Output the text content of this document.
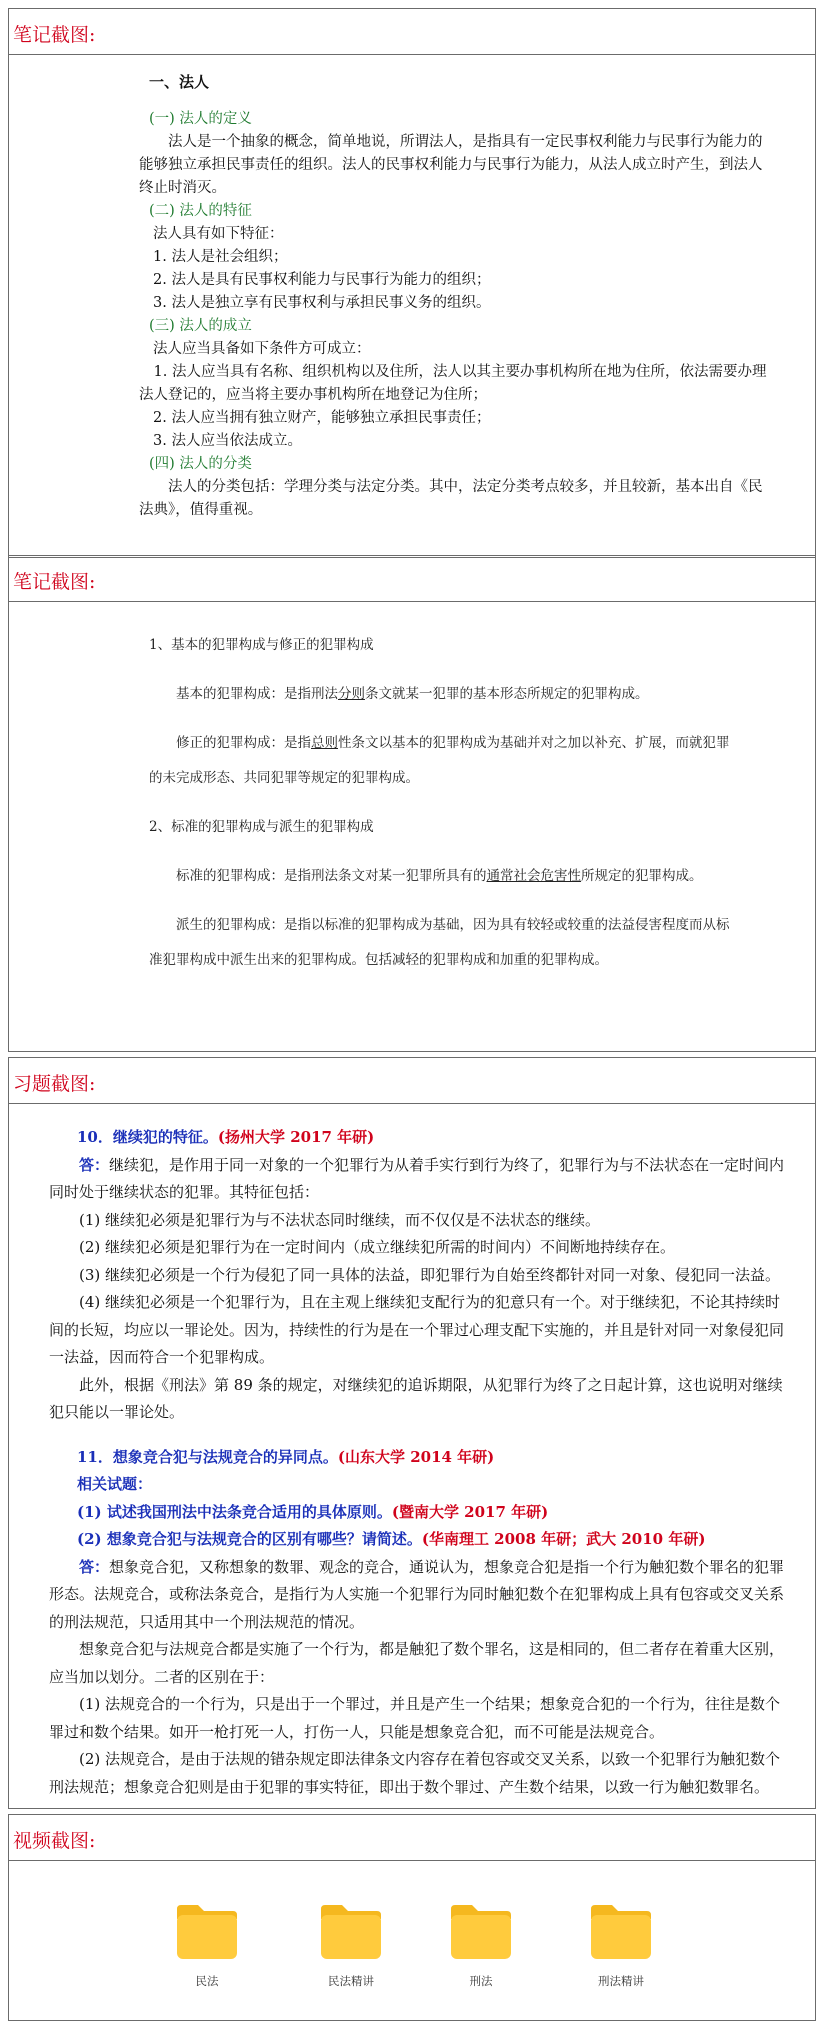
笔记截图:

一、法人

(一) 法人的定义

法人是一个抽象的概念，简单地说，所谓法人，是指具有一定民事权利能力与民事行为能力的能够独立承担民事责任的组织。法人的民事权利能力与民事行为能力，从法人成立时产生，到法人终止时消灭。

(二) 法人的特征

法人具有如下特征：

1. 法人是社会组织；

2. 法人是具有民事权利能力与民事行为能力的组织；

3. 法人是独立享有民事权利与承担民事义务的组织。

(三) 法人的成立

法人应当具备如下条件方可成立：

1. 法人应当具有名称、组织机构以及住所，法人以其主要办事机构所在地为住所，依法需要办理法人登记的，应当将主要办事机构所在地登记为住所；

2. 法人应当拥有独立财产，能够独立承担民事责任；

3. 法人应当依法成立。

(四) 法人的分类

法人的分类包括：学理分类与法定分类。其中，法定分类考点较多，并且较新，基本出自《民法典》，值得重视。

笔记截图:

1、基本的犯罪构成与修正的犯罪构成

基本的犯罪构成：是指刑法分则条文就某一犯罪的基本形态所规定的犯罪构成。

修正的犯罪构成：是指总则性条文以基本的犯罪构成为基础并对之加以补充、扩展，而就犯罪的未完成形态、共同犯罪等规定的犯罪构成。

2、标准的犯罪构成与派生的犯罪构成

标准的犯罪构成：是指刑法条文对某一犯罪所具有的通常社会危害性所规定的犯罪构成。

派生的犯罪构成：是指以标准的犯罪构成为基础，因为具有较轻或较重的法益侵害程度而从标准犯罪构成中派生出来的犯罪构成。包括减轻的犯罪构成和加重的犯罪构成。

习题截图:

10．继续犯的特征。(扬州大学 2017 年研)

答：继续犯，是作用于同一对象的一个犯罪行为从着手实行到行为终了，犯罪行为与不法状态在一定时间内同时处于继续状态的犯罪。其特征包括：

(1) 继续犯必须是犯罪行为与不法状态同时继续，而不仅仅是不法状态的继续。

(2) 继续犯必须是犯罪行为在一定时间内（成立继续犯所需的时间内）不间断地持续存在。

(3) 继续犯必须是一个行为侵犯了同一具体的法益，即犯罪行为自始至终都针对同一对象、侵犯同一法益。

(4) 继续犯必须是一个犯罪行为，且在主观上继续犯支配行为的犯意只有一个。对于继续犯，不论其持续时间的长短，均应以一罪论处。因为，持续性的行为是在一个罪过心理支配下实施的，并且是针对同一对象侵犯同一法益，因而符合一个犯罪构成。

此外，根据《刑法》第 89 条的规定，对继续犯的追诉期限，从犯罪行为终了之日起计算，这也说明对继续犯只能以一罪论处。

11．想象竞合犯与法规竞合的异同点。(山东大学 2014 年研)

相关试题：

(1) 试述我国刑法中法条竞合适用的具体原则。(暨南大学 2017 年研)

(2) 想象竞合犯与法规竞合的区别有哪些？请简述。(华南理工 2008 年研；武大 2010 年研)

答：想象竞合犯，又称想象的数罪、观念的竞合，通说认为，想象竞合犯是指一个行为触犯数个罪名的犯罪形态。法规竞合，或称法条竞合，是指行为人实施一个犯罪行为同时触犯数个在犯罪构成上具有包容或交叉关系的刑法规范，只适用其中一个刑法规范的情况。

想象竞合犯与法规竞合都是实施了一个行为，都是触犯了数个罪名，这是相同的，但二者存在着重大区别，应当加以划分。二者的区别在于：

(1) 法规竞合的一个行为，只是出于一个罪过，并且是产生一个结果；想象竞合犯的一个行为，往往是数个罪过和数个结果。如开一枪打死一人，打伤一人，只能是想象竞合犯，而不可能是法规竞合。

(2) 法规竞合，是由于法规的错杂规定即法律条文内容存在着包容或交叉关系，以致一个犯罪行为触犯数个刑法规范；想象竞合犯则是由于犯罪的事实特征，即出于数个罪过、产生数个结果，以致一行为触犯数罪名。

视频截图:
民法	民法精讲	刑法	刑法精讲
